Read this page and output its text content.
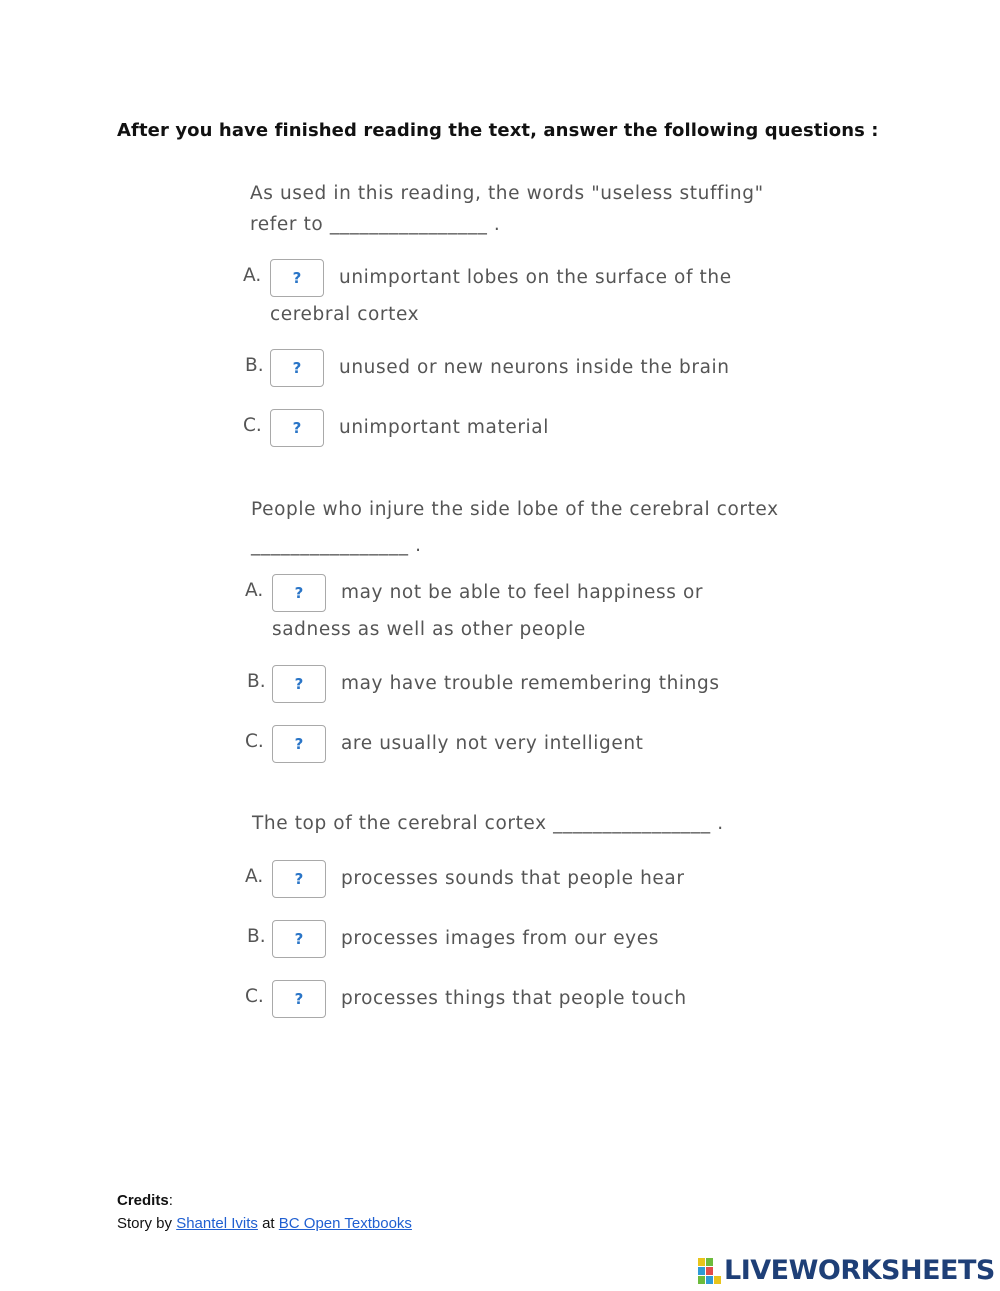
After you have finished reading the text, answer the following questions :
As used in this reading, the words "useless stuffing"
refer to ________________ .
A.	?	unimportant lobes on the surface of the
cerebral cortex
B.	?	unused or new neurons inside the brain
C.	?	unimportant material
People who injure the side lobe of the cerebral cortex
________________ .
A.	?	may not be able to feel happiness or
sadness as well as other people
B.	?	may have trouble remembering things
C.	?	are usually not very intelligent
The top of the cerebral cortex ________________ .
A.	?	processes sounds that people hear
B.	?	processes images from our eyes
C.	?	processes things that people touch
Credits:
Story by Shantel Ivits at BC Open Textbooks
LIVEWORKSHEETS
